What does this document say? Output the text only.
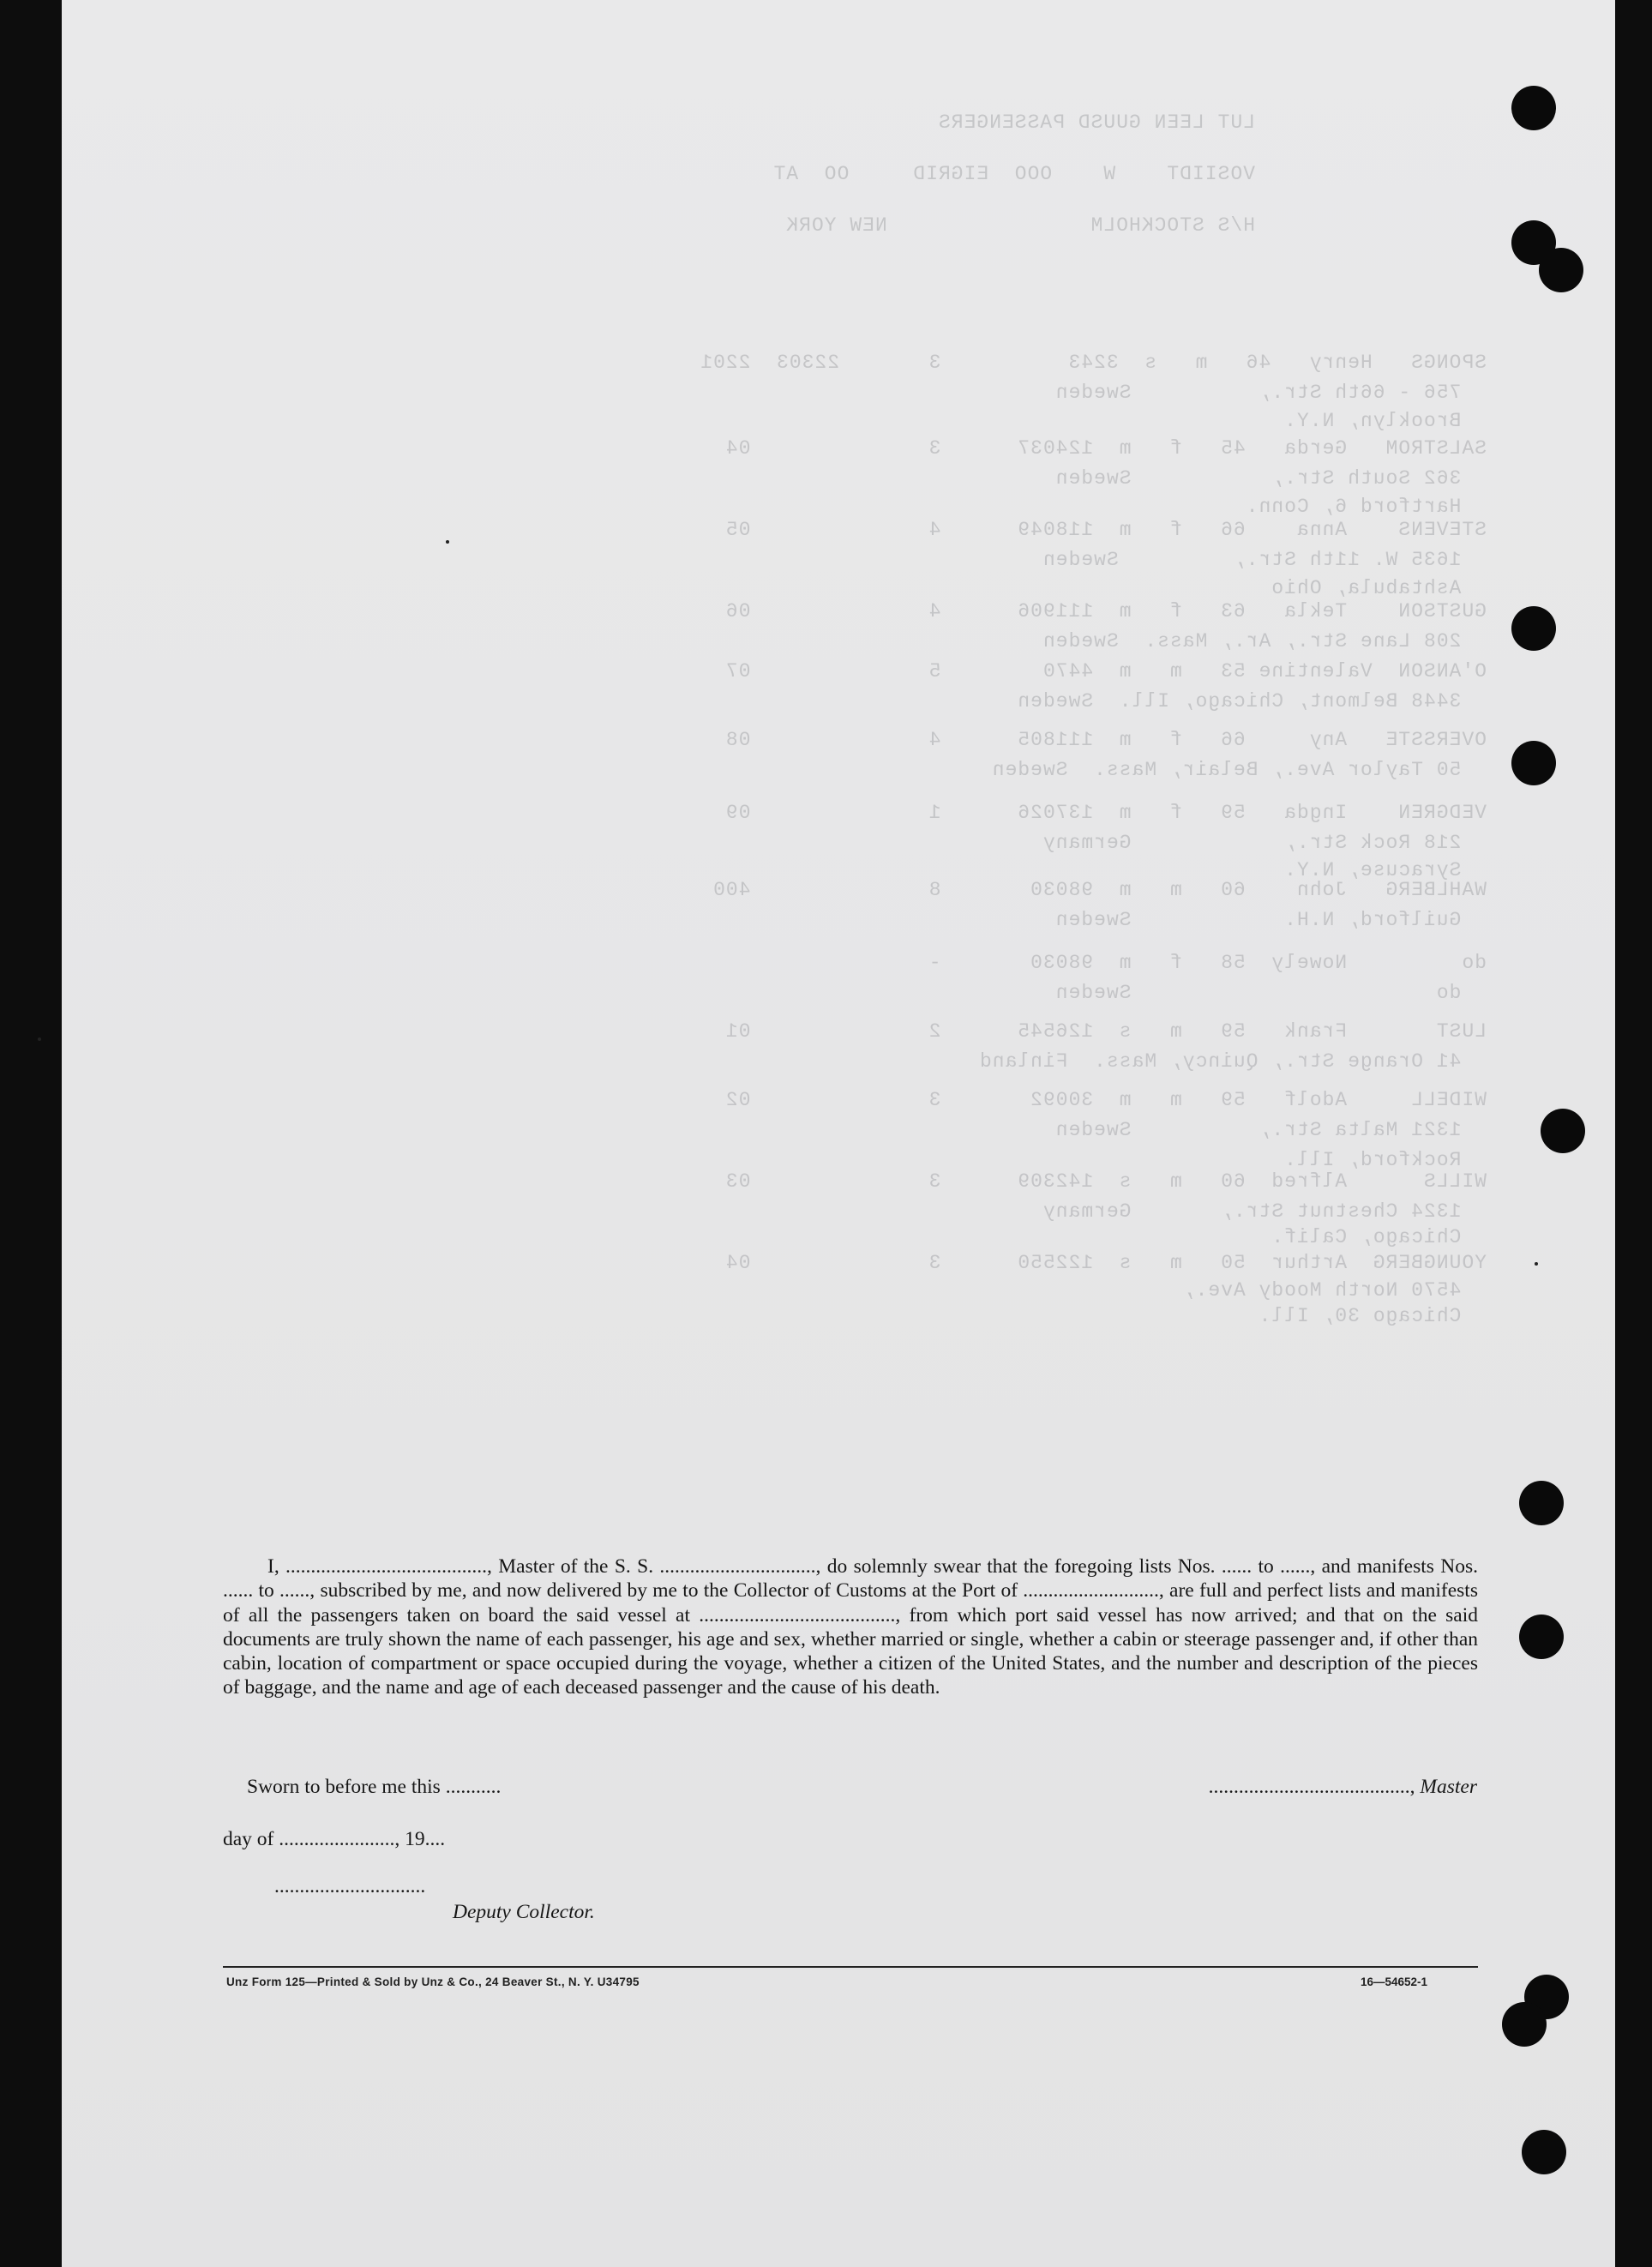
LUT LEEN GUUSD PASSENGERS
VOSIIDT    W    OOO  EIGRID     OO  AT
H/S STOCKHOLM                NEW YORK
SPONGS   Henry   46   m   s  3243          3       22303  2201
756 - 66th Str.,          Sweden
Brooklyn, N.Y.
SALSTROM   Gerda   45   f   m  124037      3              04
362 South Str.,           Sweden
Hartford 6, Conn.
STEVENS    Anna    66   f   m  118049      4              05
1635 W. 11th Str.,         Sweden
Ashtabula, Ohio
GUSTSON    Tekla   63   f   m  111906      4              06
208 Lane Str., Ar., Mass.  Sweden
O'ANSON  Valentine 53   m   m  4470        5              07
3448 Belmont, Chicago, Ill.  Sweden
OVERSSTE   Any     66   f   m  111805      4              08
50 Taylor Ave., Belair, Mass.  Sweden
VEDGREN    Ingda   59   f   m  137026      1              09
218 Rock Str.,            Germany
Syracuse, N.Y.
WAHLBERG   John    60   m   m  98030       8              400
Guilford, N.H.            Sweden
do         Nowely  58   f   m  98030       -
do                        Sweden
LUST       Frank   59   m   s  126545      2              01
41 Orange Str., Quincy, Mass.  Finland
WIDELL     Adolf   59   m   m  30092       3              02
1321 Malta Str.,          Sweden
Rockford, Ill.
WILLS      Alfred  60   m   s  142309      3              03
1324 Chestnut Str.,       Germany
Chicago, Calif.
YOUNGBERG  Arthur  50   m   s  122550      3              04
4570 North Moody Ave.,
Chicago 30, Ill.

I, ........................................, Master of the S. S. ..............................., do solemnly swear that the foregoing lists Nos. ...... to ......, and manifests Nos. ...... to ......, subscribed by me, and now delivered by me to the Collector of Customs at the Port of ..........................., are full and perfect lists and manifests of all the passengers taken on board the said vessel at ......................................., from which port said vessel has now arrived; and that on the said documents are truly shown the name of each passenger, his age and sex, whether married or single, whether a cabin or steerage passenger and, if other than cabin, location of compartment or space occupied during the voyage, whether a citizen of the United States, and the number and description of the pieces of baggage, and the name and age of each deceased passenger and the cause of his death.

Sworn to before me this ...........	........................................, Master
day of ......................., 19....
..............................
Deputy Collector.
Unz Form 125—Printed & Sold by Unz & Co., 24 Beaver St., N. Y. U34795	16—54652-1
